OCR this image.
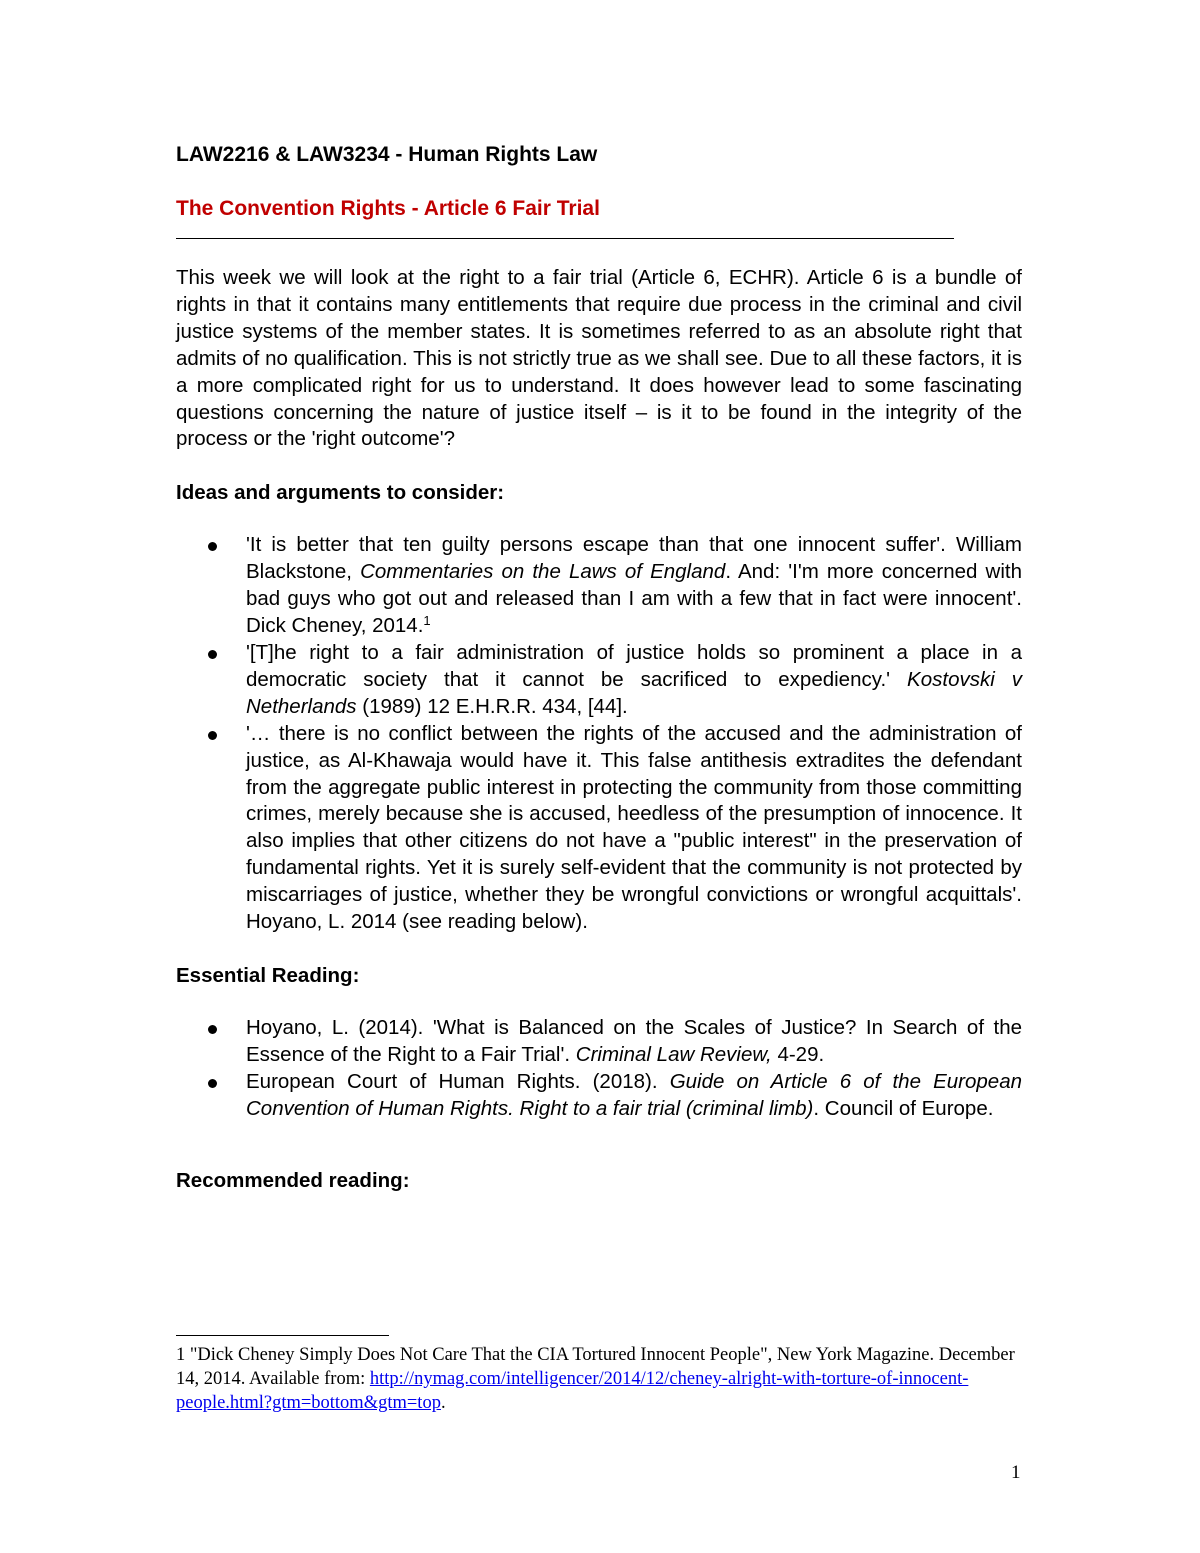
LAW2216 & LAW3234 - Human Rights Law

The Convention Rights - Article 6 Fair Trial

This week we will look at the right to a fair trial (Article 6, ECHR). Article 6 is a bundle of rights in that it contains many entitlements that require due process in the criminal and civil justice systems of the member states. It is sometimes referred to as an absolute right that admits of no qualification. This is not strictly true as we shall see. Due to all these factors, it is a more complicated right for us to understand. It does however lead to some fascinating questions concerning the nature of justice itself – is it to be found in the integrity of the process or the 'right outcome'?

Ideas and arguments to consider:

'It is better that ten guilty persons escape than that one innocent suffer'. William Blackstone, Commentaries on the Laws of England. And: 'I'm more concerned with bad guys who got out and released than I am with a few that in fact were innocent'. Dick Cheney, 2014.$^1$
'[T]he right to a fair administration of justice holds so prominent a place in a democratic society that it cannot be sacrificed to expediency.' Kostovski v Netherlands (1989) 12 E.H.R.R. 434, [44].
'… there is no conflict between the rights of the accused and the administration of justice, as Al-Khawaja would have it. This false antithesis extradites the defendant from the aggregate public interest in protecting the community from those committing crimes, merely because she is accused, heedless of the presumption of innocence. It also implies that other citizens do not have a "public interest" in the preservation of fundamental rights. Yet it is surely self-evident that the community is not protected by miscarriages of justice, whether they be wrongful convictions or wrongful acquittals'. Hoyano, L. 2014 (see reading below).

Essential Reading:

Hoyano, L. (2014). 'What is Balanced on the Scales of Justice? In Search of the Essence of the Right to a Fair Trial'. Criminal Law Review, 4-29.
European Court of Human Rights. (2018). Guide on Article 6 of the European Convention of Human Rights. Right to a fair trial (criminal limb). Council of Europe.

Recommended reading:

1 "Dick Cheney Simply Does Not Care That the CIA Tortured Innocent People", New York Magazine. December 14, 2014. Available from: http://nymag.com/intelligencer/2014/12/cheney-alright-with-torture-of-innocent-people.html?gtm=bottom&gtm=top.
1
